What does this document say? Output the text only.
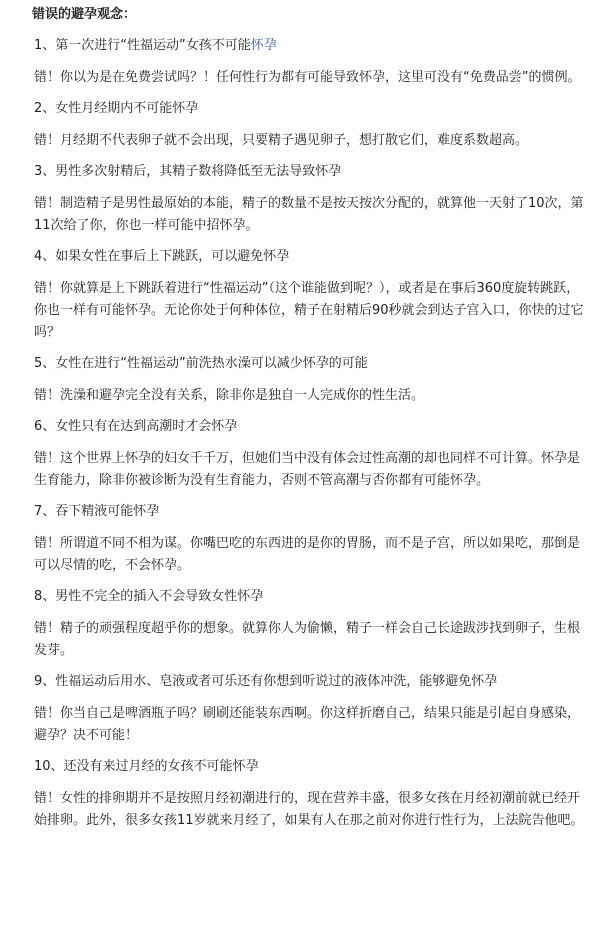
错误的避孕观念：
1、第一次进行“性福运动”女孩不可能怀孕
错！你以为是在免费尝试吗？！任何性行为都有可能导致怀孕，这里可没有“免费品尝”的惯例。
2、女性月经期内不可能怀孕
错！月经期不代表卵子就不会出现，只要精子遇见卵子，想打散它们，难度系数超高。
3、男性多次射精后，其精子数将降低至无法导致怀孕
错！制造精子是男性最原始的本能，精子的数量不是按天按次分配的，就算他一天射了10次，第11次给了你，你也一样可能中招怀孕。
4、如果女性在事后上下跳跃，可以避免怀孕
错！你就算是上下跳跃着进行“性福运动”（这个谁能做到呢？），或者是在事后360度旋转跳跃，你也一样有可能怀孕。无论你处于何种体位，精子在射精后90秒就会到达子宫入口，你快的过它吗？
5、女性在进行“性福运动”前洗热水澡可以减少怀孕的可能
错！洗澡和避孕完全没有关系，除非你是独自一人完成你的性生活。
6、女性只有在达到高潮时才会怀孕
错！这个世界上怀孕的妇女千千万，但她们当中没有体会过性高潮的却也同样不可计算。怀孕是生育能力，除非你被诊断为没有生育能力，否则不管高潮与否你都有可能怀孕。
7、吞下精液可能怀孕
错！所谓道不同不相为谋。你嘴巴吃的东西进的是你的胃肠，而不是子宫，所以如果吃，那倒是可以尽情的吃，不会怀孕。
8、男性不完全的插入不会导致女性怀孕
错！精子的顽强程度超乎你的想象。就算你人为偷懒，精子一样会自己长途跋涉找到卵子，生根发芽。
9、性福运动后用水、皂液或者可乐还有你想到听说过的液体冲洗，能够避免怀孕
错！你当自己是啤酒瓶子吗？刷刷还能装东西啊。你这样折磨自己，结果只能是引起自身感染，避孕？决不可能！
10、还没有来过月经的女孩不可能怀孕
错！女性的排卵期并不是按照月经初潮进行的，现在营养丰盛，很多女孩在月经初潮前就已经开始排卵。此外，很多女孩11岁就来月经了，如果有人在那之前对你进行性行为，上法院告他吧。
